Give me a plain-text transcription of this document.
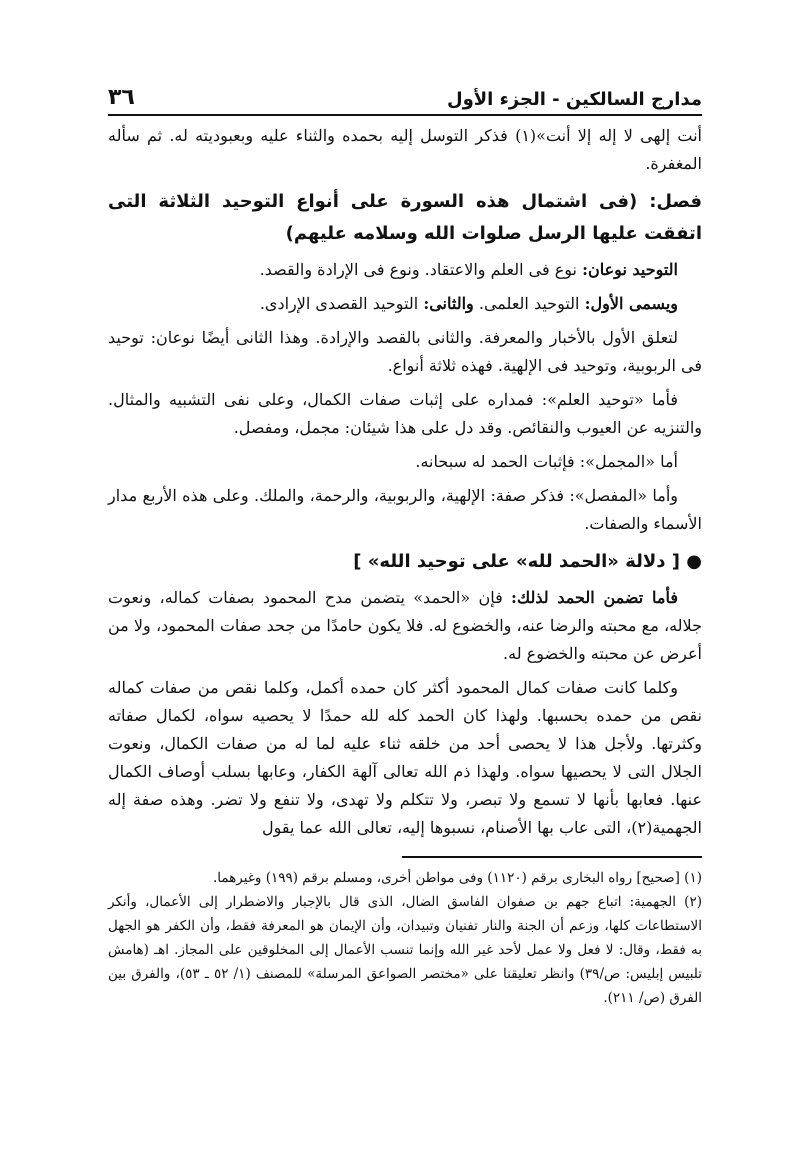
مدارج السالكين - الجزء الأول
٣٦

أنت إلهى لا إله إلا أنت»(١) فذكر التوسل إليه بحمده والثناء عليه وبعبوديته له. ثم سأله المغفرة.

فصل: (فى اشتمال هذه السورة على أنواع التوحيد الثلاثة التى اتفقت عليها الرسل صلوات الله وسلامه عليهم)

التوحيد نوعان: نوع فى العلم والاعتقاد. ونوع فى الإرادة والقصد.

ويسمى الأول: التوحيد العلمى. والثانى: التوحيد القصدى الإرادى.

لتعلق الأول بالأخبار والمعرفة. والثانى بالقصد والإرادة. وهذا الثانى أيضًا نوعان: توحيد فى الربوبية، وتوحيد فى الإلهية. فهذه ثلاثة أنواع.

فأما «توحيد العلم»: فمداره على إثبات صفات الكمال، وعلى نفى التشبيه والمثال. والتنزيه عن العيوب والنقائص. وقد دل على هذا شيئان: مجمل، ومفصل.

أما «المجمل»: فإثبات الحمد له سبحانه.

وأما «المفصل»: فذكر صفة: الإلهية، والربوبية، والرحمة، والملك. وعلى هذه الأربع مدار الأسماء والصفات.

● [ دلالة «الحمد لله» على توحيد الله» ]

فأما تضمن الحمد لذلك: فإن «الحمد» يتضمن مدح المحمود بصفات كماله، ونعوت جلاله، مع محبته والرضا عنه، والخضوع له. فلا يكون حامدًا من جحد صفات المحمود، ولا من أعرض عن محبته والخضوع له.

وكلما كانت صفات كمال المحمود أكثر كان حمده أكمل، وكلما نقص من صفات كماله نقص من حمده بحسبها. ولهذا كان الحمد كله لله حمدًا لا يحصيه سواه، لكمال صفاته وكثرتها. ولأجل هذا لا يحصى أحد من خلقه ثناء عليه لما له من صفات الكمال، ونعوت الجلال التى لا يحصيها سواه. ولهذا ذم الله تعالى آلهة الكفار، وعابها بسلب أوصاف الكمال عنها. فعابها بأنها لا تسمع ولا تبصر، ولا تتكلم ولا تهدى، ولا تنفع ولا تضر. وهذه صفة إله الجهمية(٢)، التى عاب بها الأصنام، نسبوها إليه، تعالى الله عما يقول

(١) [صحيح] رواه البخارى برقم (١١٢٠) وفى مواطن أخرى، ومسلم برقم (١٩٩) وغيرهما.

(٢) الجهمية: اتباع جهم بن صفوان الفاسق الضال، الذى قال بالإجبار والاضطرار إلى الأعمال، وأنكر الاستطاعات كلها، وزعم أن الجنة والنار تفنيان وتبيدان، وأن الإيمان هو المعرفة فقط، وأن الكفر هو الجهل به فقط، وقال: لا فعل ولا عمل لأحد غير الله وإنما تنسب الأعمال إلى المخلوقين على المجاز. اهـ (هامش تلبيس إبليس: ص/٣٩) وانظر تعليقنا على «مختصر الصواعق المرسلة» للمصنف (١/ ٥٢ ـ ٥٣)، والفرق بين الفرق (ص/ ٢١١).
